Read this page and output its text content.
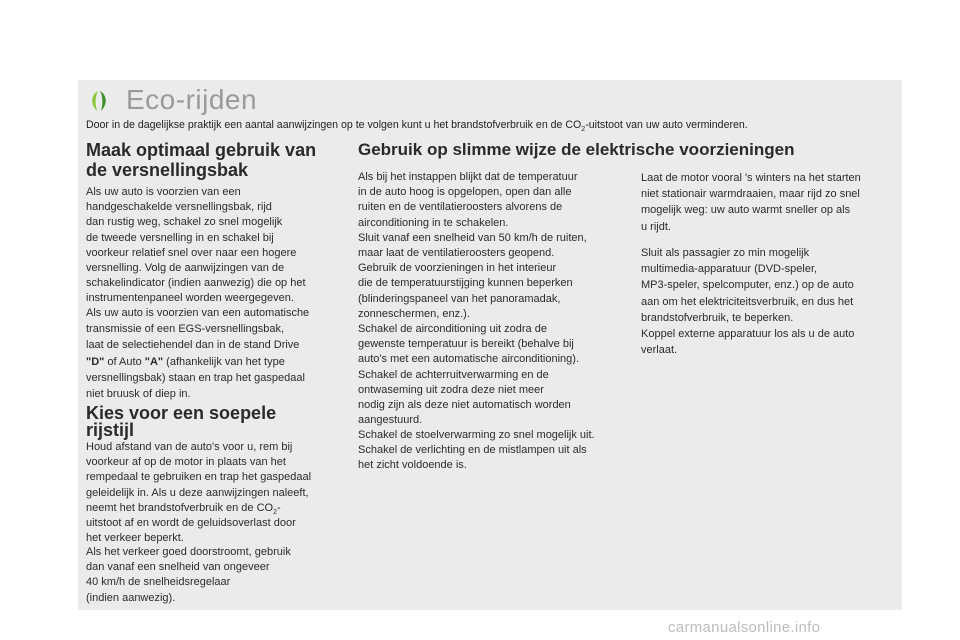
Eco-rijden
Door in de dagelijkse praktijk een aantal aanwijzingen op te volgen kunt u het brandstofverbruik en de $CO_2$-uitstoot van uw auto verminderen.
Maak optimaal gebruik van
de versnellingsbak

Als uw auto is voorzien van een
handgeschakelde versnellingsbak, rijd
dan rustig weg, schakel zo snel mogelijk
de tweede versnelling in en schakel bij
voorkeur relatief snel over naar een hogere
versnelling. Volg de aanwijzingen van de
schakelindicator (indien aanwezig) die op het
instrumentenpaneel worden weergegeven.

Als uw auto is voorzien van een automatische
transmissie of een EGS-versnellingsbak,
laat de selectiehendel dan in de stand Drive
"D" of Auto "A" (afhankelijk van het type
versnellingsbak) staan en trap het gaspedaal
niet bruusk of diep in.

Kies voor een soepele
rijstijl

Houd afstand van de auto's voor u, rem bij
voorkeur af op de motor in plaats van het
rempedaal te gebruiken en trap het gaspedaal
geleidelijk in. Als u deze aanwijzingen naleeft,
neemt het brandstofverbruik en de $CO_2-$
uitstoot af en wordt de geluidsoverlast door
het verkeer beperkt.

Als het verkeer goed doorstroomt, gebruik
dan vanaf een snelheid van ongeveer
40 km/h de snelheidsregelaar
(indien aanwezig).

Gebruik op slimme wijze de elektrische voorzieningen

Als bij het instappen blijkt dat de temperatuur
in de auto hoog is opgelopen, open dan alle
ruiten en de ventilatieroosters alvorens de
airconditioning in te schakelen.
Sluit vanaf een snelheid van 50 km/h de ruiten,
maar laat de ventilatieroosters geopend.
Gebruik de voorzieningen in het interieur
die de temperatuurstijging kunnen beperken
(blinderingspaneel van het panoramadak,
zonneschermen, enz.).
Schakel de airconditioning uit zodra de
gewenste temperatuur is bereikt (behalve bij
auto's met een automatische airconditioning).
Schakel de achterruitverwarming en de
ontwaseming uit zodra deze niet meer
nodig zijn als deze niet automatisch worden
aangestuurd.
Schakel de stoelverwarming zo snel mogelijk uit.

Schakel de verlichting en de mistlampen uit als
het zicht voldoende is.

Laat de motor vooral 's winters na het starten
niet stationair warmdraaien, maar rijd zo snel
mogelijk weg: uw auto warmt sneller op als
u rijdt.

Sluit als passagier zo min mogelijk
multimedia-apparatuur (DVD-speler,
MP3-speler, spelcomputer, enz.) op de auto
aan om het elektriciteitsverbruik, en dus het
brandstofverbruik, te beperken.
Koppel externe apparatuur los als u de auto
verlaat.

carmanualsonline.info
